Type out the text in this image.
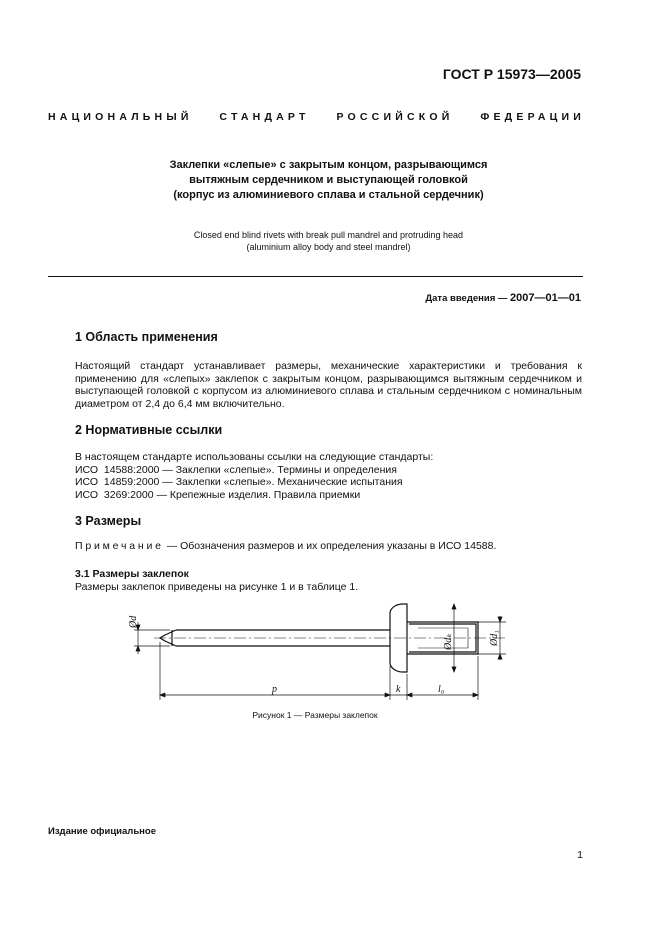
ГОСТ Р 15973—2005
НАЦИОНАЛЬНЫЙ СТАНДАРТ РОССИЙСКОЙ ФЕДЕРАЦИИ
Заклепки «слепые» с закрытым концом, разрывающимся
вытяжным сердечником и выступающей головкой
(корпус из алюминиевого сплава и стальной сердечник)
Closed end blind rivets with break pull mandrel and protruding head
(aluminium alloy body and steel mandrel)
Дата введения — 2007—01—01
1 Область применения
Настоящий стандарт устанавливает размеры, механические характеристики и требования к применению для «слепых» заклепок с закрытым концом, разрывающимся вытяжным сердечником и выступающей головкой с корпусом из алюминиевого сплава и стальным сердечником с номинальным диаметром от 2,4 до 6,4 мм включительно.
2 Нормативные ссылки
В настоящем стандарте использованы ссылки на следующие стандарты:
ИСО  14588:2000 — Заклепки «слепые». Термины и определения
ИСО  14859:2000 — Заклепки «слепые». Механические испытания
ИСО  3269:2000 — Крепежные изделия. Правила приемки
3 Размеры
Примечание — Обозначения размеров и их определения указаны в ИСО 14588.
3.1 Размеры заклепок
Размеры заклепок приведены на рисунке 1 и в таблице 1.
Ød
Ødₖ	Ød₁
p	k	l₀
Рисунок 1 — Размеры заклепок
Издание официальное
1
